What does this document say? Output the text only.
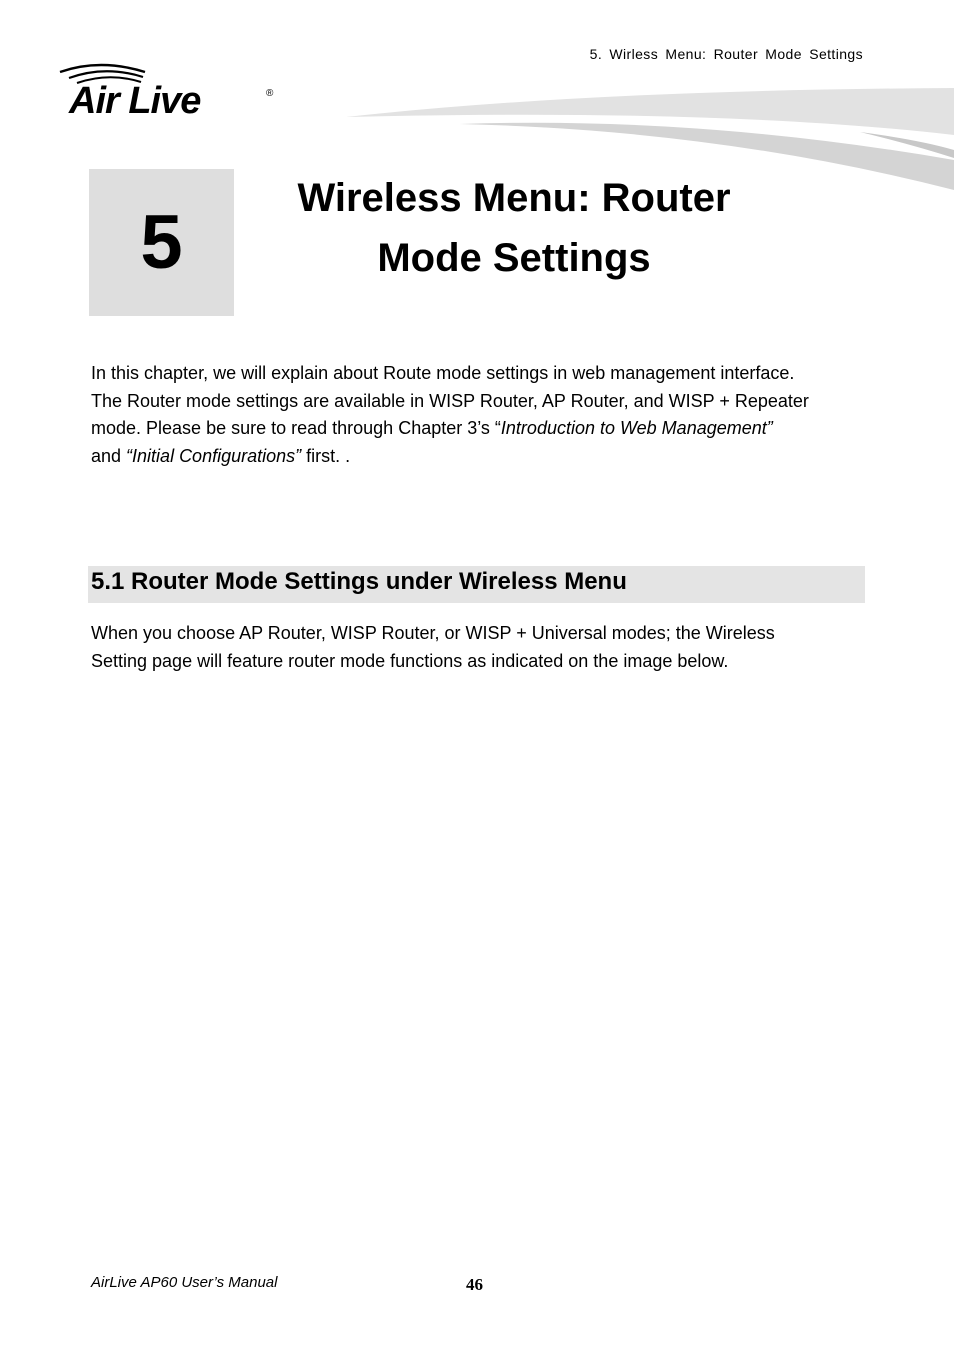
5. Wirless Menu: Router Mode Settings
Air Live	®
5
Wireless Menu: Router
Mode Settings

In this chapter, we will explain about Route mode settings in web management interface.

The Router mode settings are available in WISP Router, AP Router, and WISP + Repeater

mode. Please be sure to read through Chapter 3’s “Introduction to Web Management”

and “Initial Configurations” first. .

5.1 Router Mode Settings under Wireless Menu

When you choose AP Router, WISP Router, or WISP + Universal modes; the Wireless

Setting page will feature router mode functions as indicated on the image below.

AirLive AP60 User’s Manual	46
